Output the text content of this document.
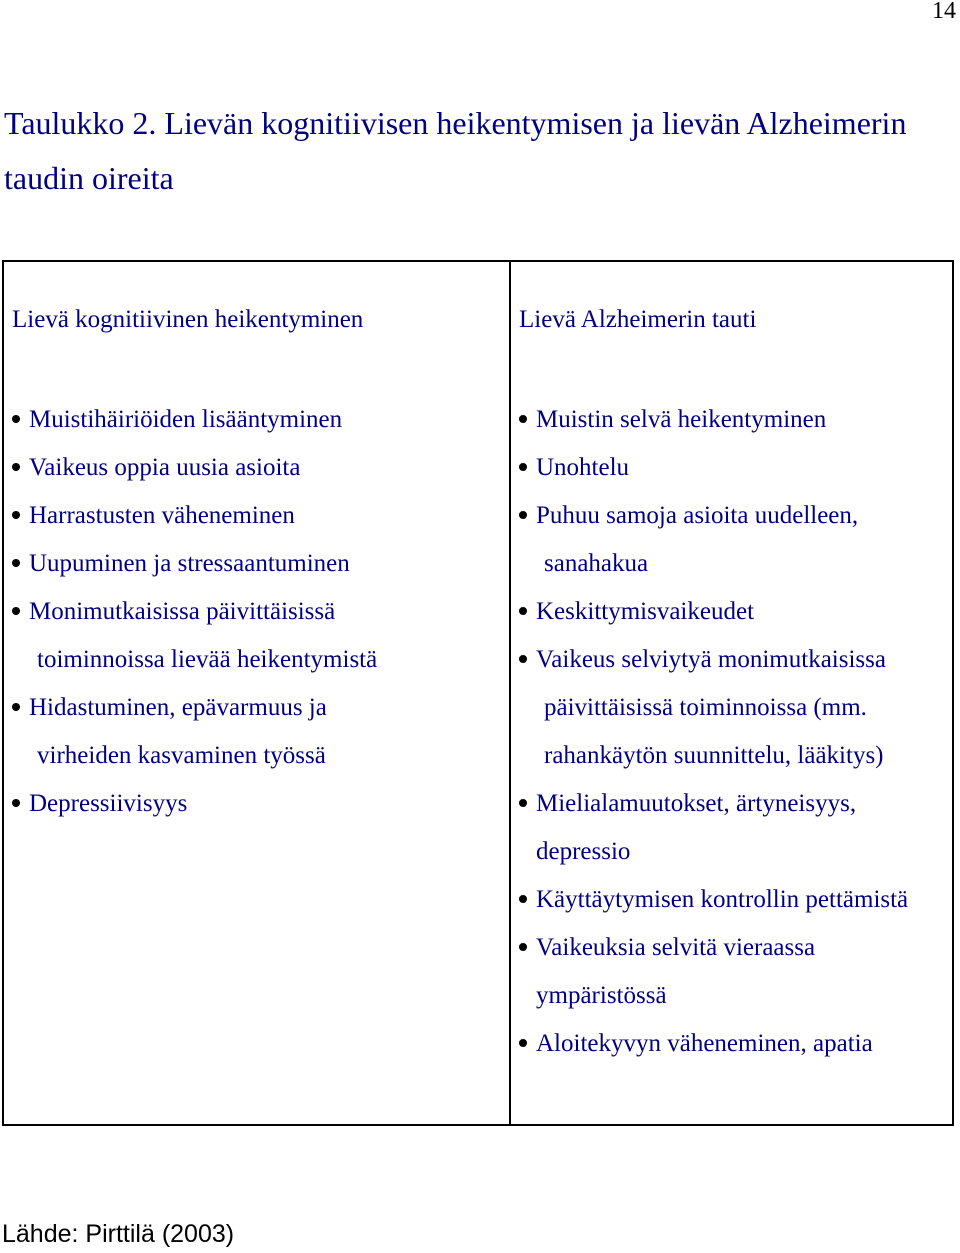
14
Taulukko 2. Lievän kognitiivisen heikentymisen ja lievän Alzheimerin taudin oireita
Lievä kognitiivinen heikentyminen
Muistihäiriöiden lisääntyminen
Vaikeus oppia uusia asioita
Harrastusten väheneminen
Uupuminen ja stressaantuminen
Monimutkaisissa päivittäisissä
toiminnoissa lievää heikentymistä
Hidastuminen, epävarmuus ja
virheiden kasvaminen työssä
Depressiivisyys
Lievä Alzheimerin tauti
Muistin selvä heikentyminen
Unohtelu
Puhuu samoja asioita uudelleen,
sanahakua
Keskittymisvaikeudet
Vaikeus selviytyä monimutkaisissa
päivittäisissä toiminnoissa (mm.
rahankäytön suunnittelu, lääkitys)
Mielialamuutokset, ärtyneisyys,
depressio
Käyttäytymisen kontrollin pettämistä
Vaikeuksia selvitä vieraassa
ympäristössä
Aloitekyvyn väheneminen, apatia
Lähde: Pirttilä (2003)
